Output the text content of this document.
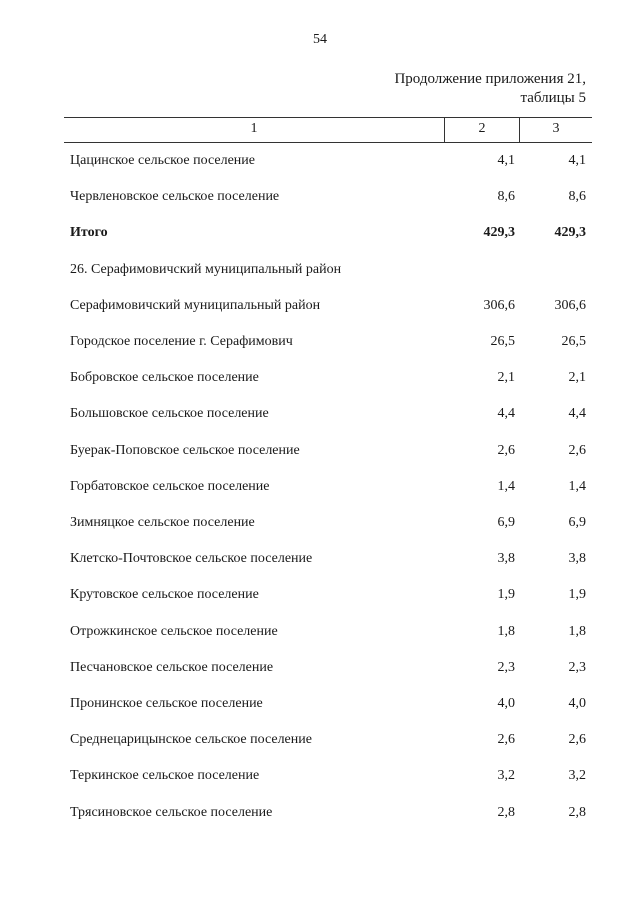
54
Продолжение приложения 21,
таблицы 5
1	2	3
Цацинское сельское поселение	4,1	4,1
Червленовское сельское поселение	8,6	8,6
Итого	429,3	429,3
26. Серафимовичский муниципальный район
Серафимовичский муниципальный район	306,6	306,6
Городское поселение г. Серафимович	26,5	26,5
Бобровское сельское поселение	2,1	2,1
Большовское сельское поселение	4,4	4,4
Буерак-Поповское сельское поселение	2,6	2,6
Горбатовское сельское поселение	1,4	1,4
Зимняцкое сельское поселение	6,9	6,9
Клетско-Почтовское сельское поселение	3,8	3,8
Крутовское сельское поселение	1,9	1,9
Отрожкинское сельское поселение	1,8	1,8
Песчановское сельское поселение	2,3	2,3
Пронинское сельское поселение	4,0	4,0
Среднецарицынское сельское поселение	2,6	2,6
Теркинское сельское поселение	3,2	3,2
Трясиновское сельское поселение	2,8	2,8
